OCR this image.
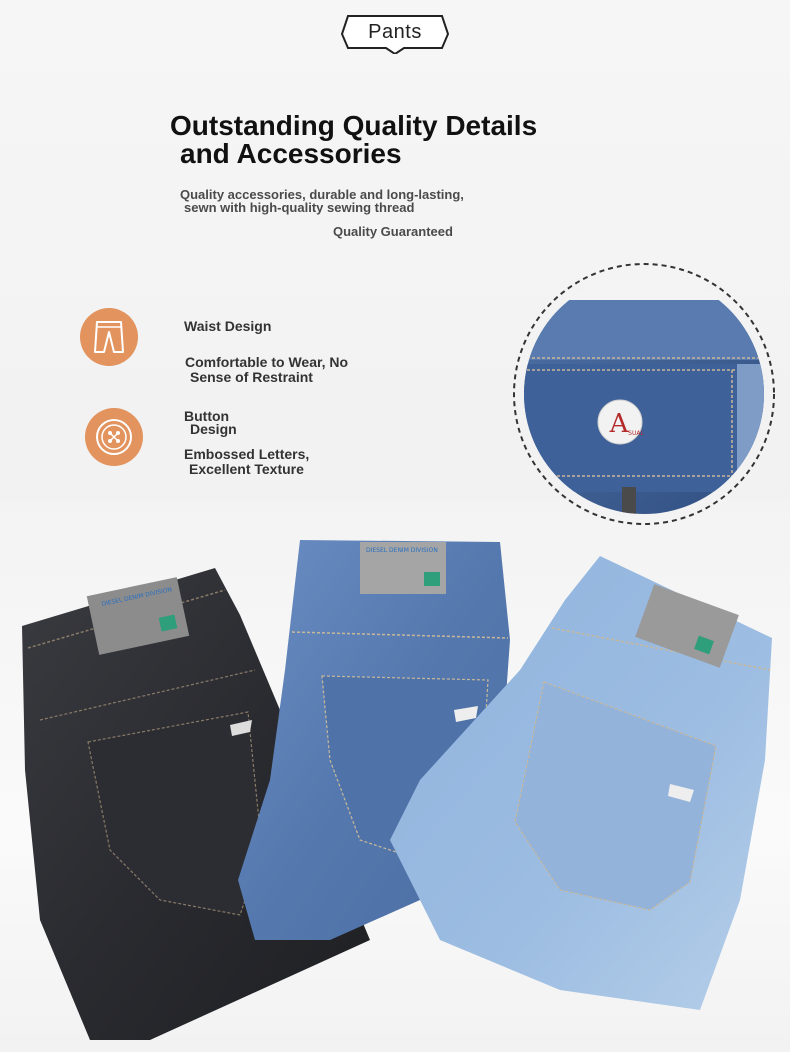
Pants
Outstanding Quality Details
and Accessories
Quality accessories, durable and long-lasting,
sewn with high-quality sewing thread
Quality Guaranteed
Waist Design
Comfortable to Wear, No
Sense of Restraint
Button
Design
Embossed Letters,
Excellent Texture
A SUAL
DIESEL DENIM DIVISION
DIESEL DENIM DIVISION
